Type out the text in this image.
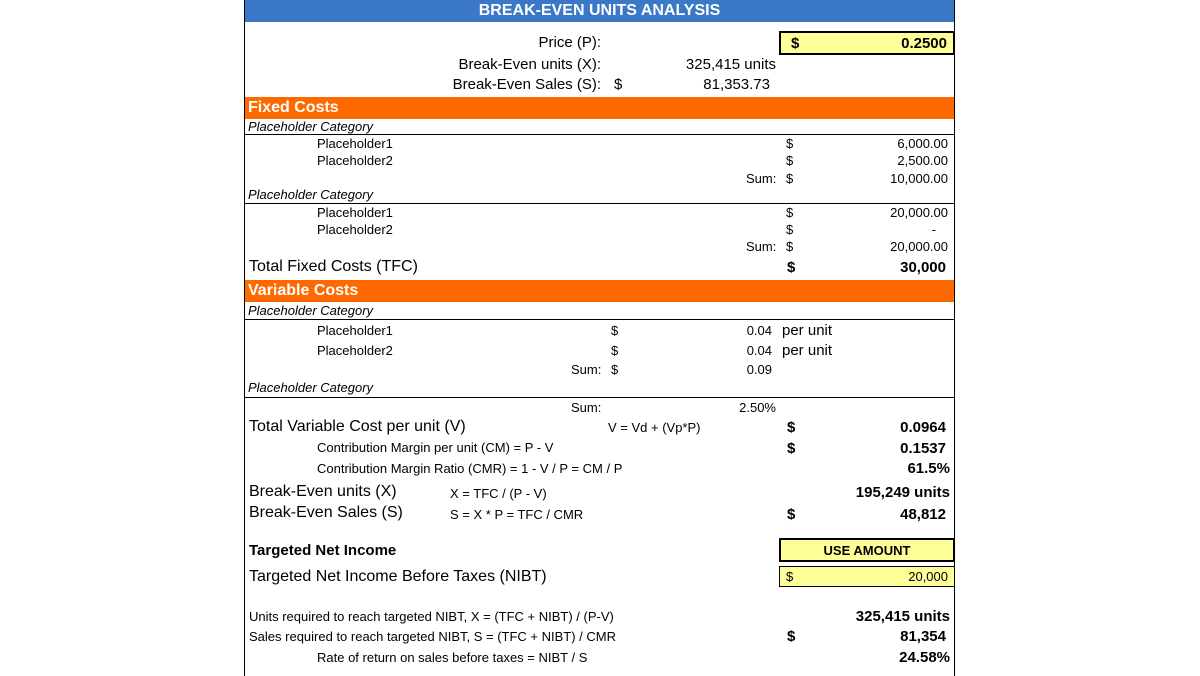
BREAK-EVEN UNITS ANALYSIS
Price (P):	$	0.2500
Break-Even units (X):	325,415 units
Break-Even Sales (S): $	81,353.73
Fixed Costs
Placeholder Category
Placeholder1	$	6,000.00
Placeholder2	$	2,500.00
Sum: $	10,000.00
Placeholder Category
Placeholder1	$	20,000.00
Placeholder2	$	-
Sum: $	20,000.00
Total Fixed Costs (TFC)	$	30,000
Variable Costs
Placeholder Category
Placeholder1	$	0.04 per unit
Placeholder2	$	0.04 per unit
Sum: $	0.09
Placeholder Category
Sum:	2.50%
Total Variable Cost per unit (V)	V = Vd + (Vp*P)	$	0.0964
Contribution Margin per unit (CM) = P - V	$	0.1537
Contribution Margin Ratio (CMR) = 1 - V / P = CM / P	61.5%
Break-Even units (X)	X = TFC / (P - V)	195,249 units
Break-Even Sales (S)	S = X * P = TFC / CMR	$	48,812
Targeted Net Income	USE AMOUNT
Targeted Net Income Before Taxes (NIBT)	$	20,000
Units required to reach targeted NIBT, X = (TFC + NIBT) / (P-V)	325,415 units
Sales required to reach targeted NIBT, S = (TFC + NIBT) / CMR	$	81,354
Rate of return on sales before taxes = NIBT / S	24.58%
